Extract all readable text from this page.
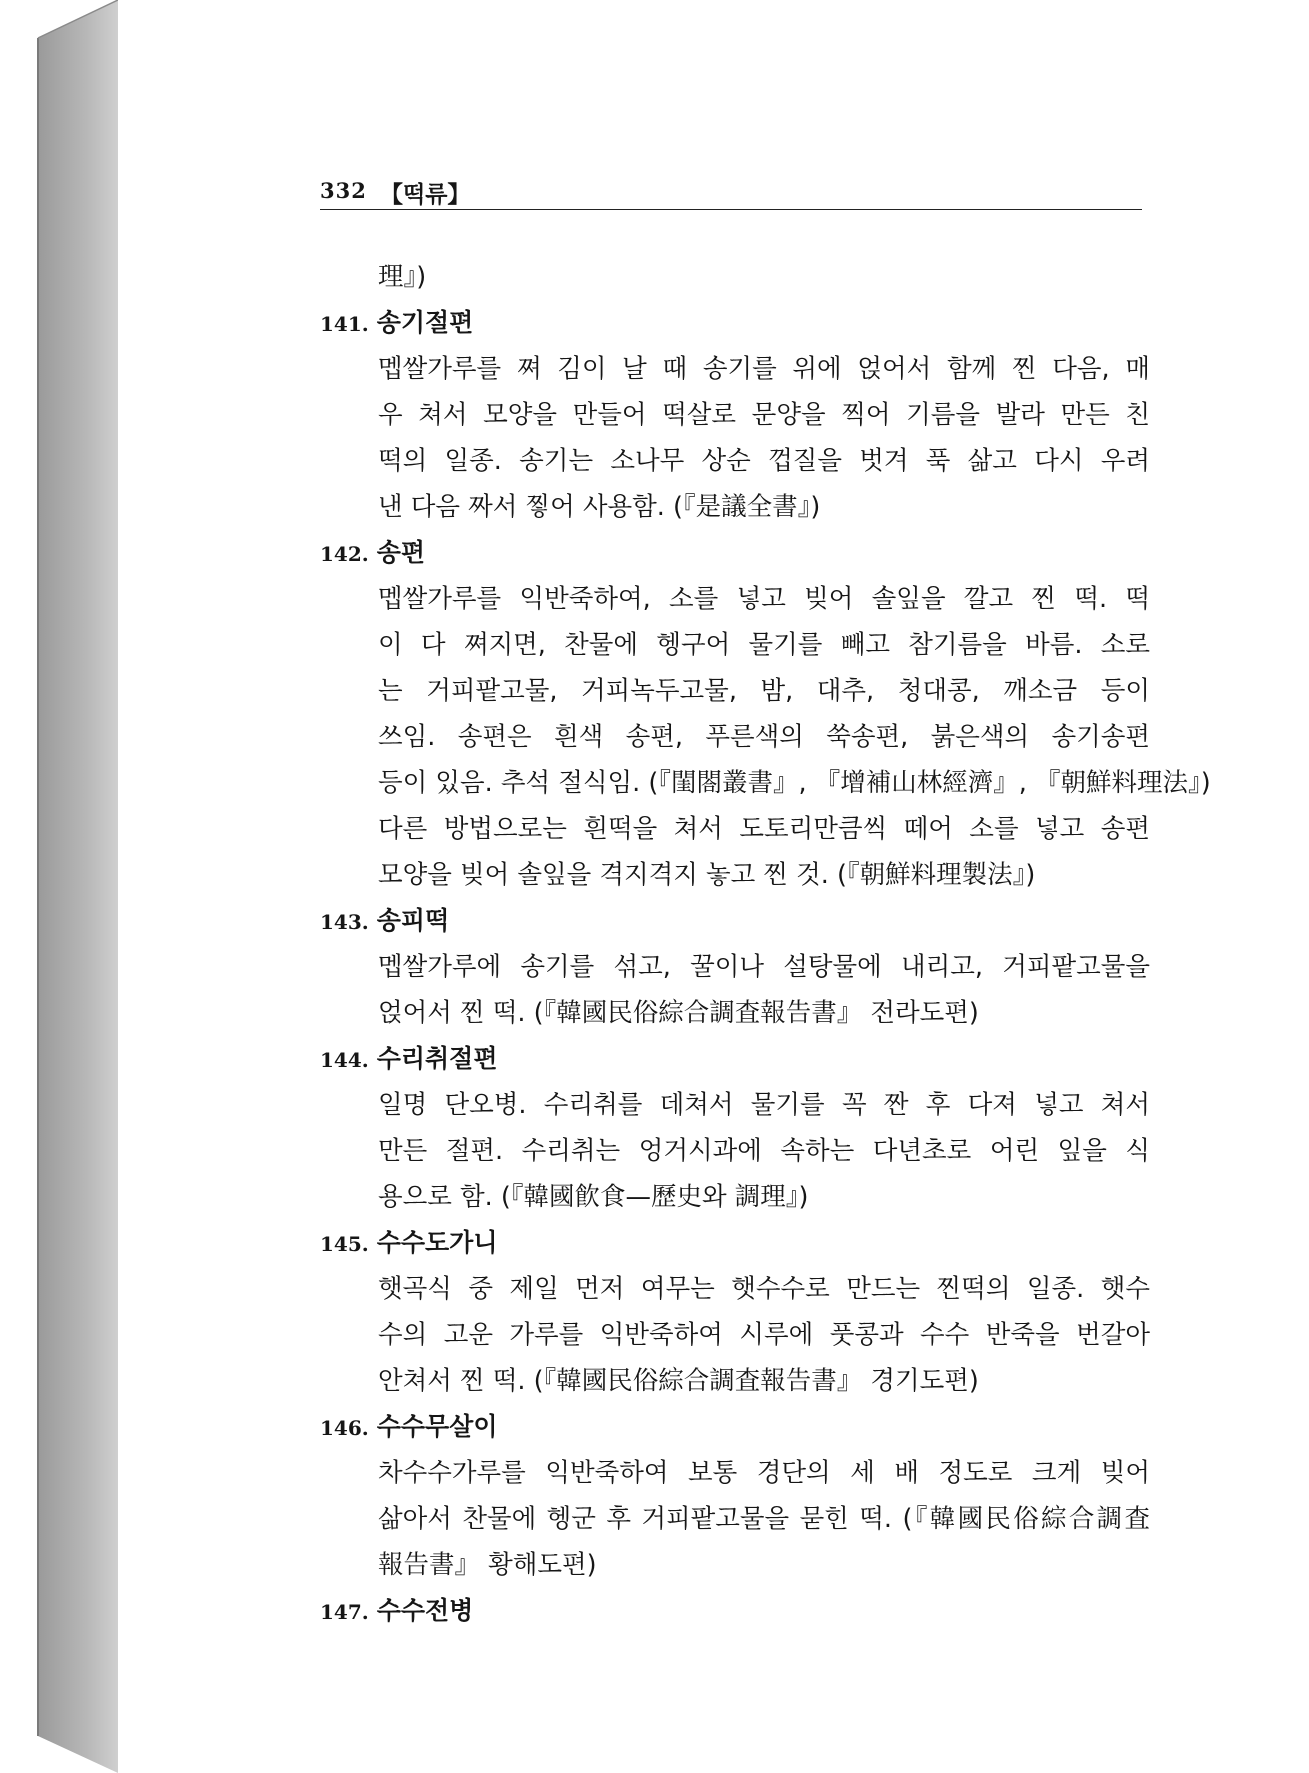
332 【떡류】
理』)
141. 송기절편
멥쌀가루를 쪄 김이 날 때 송기를 위에 얹어서 함께 찐 다음, 매
우 쳐서 모양을 만들어 떡살로 문양을 찍어 기름을 발라 만든 친
떡의 일종. 송기는 소나무 상순 껍질을 벗겨 푹 삶고 다시 우려
낸 다음 짜서 찧어 사용함. (『是議全書』)
142. 송편
멥쌀가루를 익반죽하여, 소를 넣고 빚어 솔잎을 깔고 찐 떡. 떡
이 다 쪄지면, 찬물에 헹구어 물기를 빼고 참기름을 바름. 소로
는 거피팥고물, 거피녹두고물, 밤, 대추, 청대콩, 깨소금 등이
쓰임. 송편은 흰색 송편, 푸른색의 쑥송편, 붉은색의 송기송편
등이 있음. 추석 절식임. (『閨閤叢書』, 『增補山林經濟』, 『朝鮮料理法』)
다른 방법으로는 흰떡을 쳐서 도토리만큼씩 떼어 소를 넣고 송편
모양을 빚어 솔잎을 격지격지 놓고 찐 것. (『朝鮮料理製法』)
143. 송피떡
멥쌀가루에 송기를 섞고, 꿀이나 설탕물에 내리고, 거피팥고물을
얹어서 찐 떡. (『韓國民俗綜合調査報告書』 전라도편)
144. 수리취절편
일명 단오병. 수리취를 데쳐서 물기를 꼭 짠 후 다져 넣고 쳐서
만든 절편. 수리취는 엉거시과에 속하는 다년초로 어린 잎을 식
용으로 함. (『韓國飮食—歷史와 調理』)
145. 수수도가니
햇곡식 중 제일 먼저 여무는 햇수수로 만드는 찐떡의 일종. 햇수
수의 고운 가루를 익반죽하여 시루에 풋콩과 수수 반죽을 번갈아
안쳐서 찐 떡. (『韓國民俗綜合調査報告書』 경기도편)
146. 수수무살이
차수수가루를 익반죽하여 보통 경단의 세 배 정도로 크게 빚어
삶아서 찬물에 헹군 후 거피팥고물을 묻힌 떡. (『韓國民俗綜合調査
報告書』 황해도편)
147. 수수전병
